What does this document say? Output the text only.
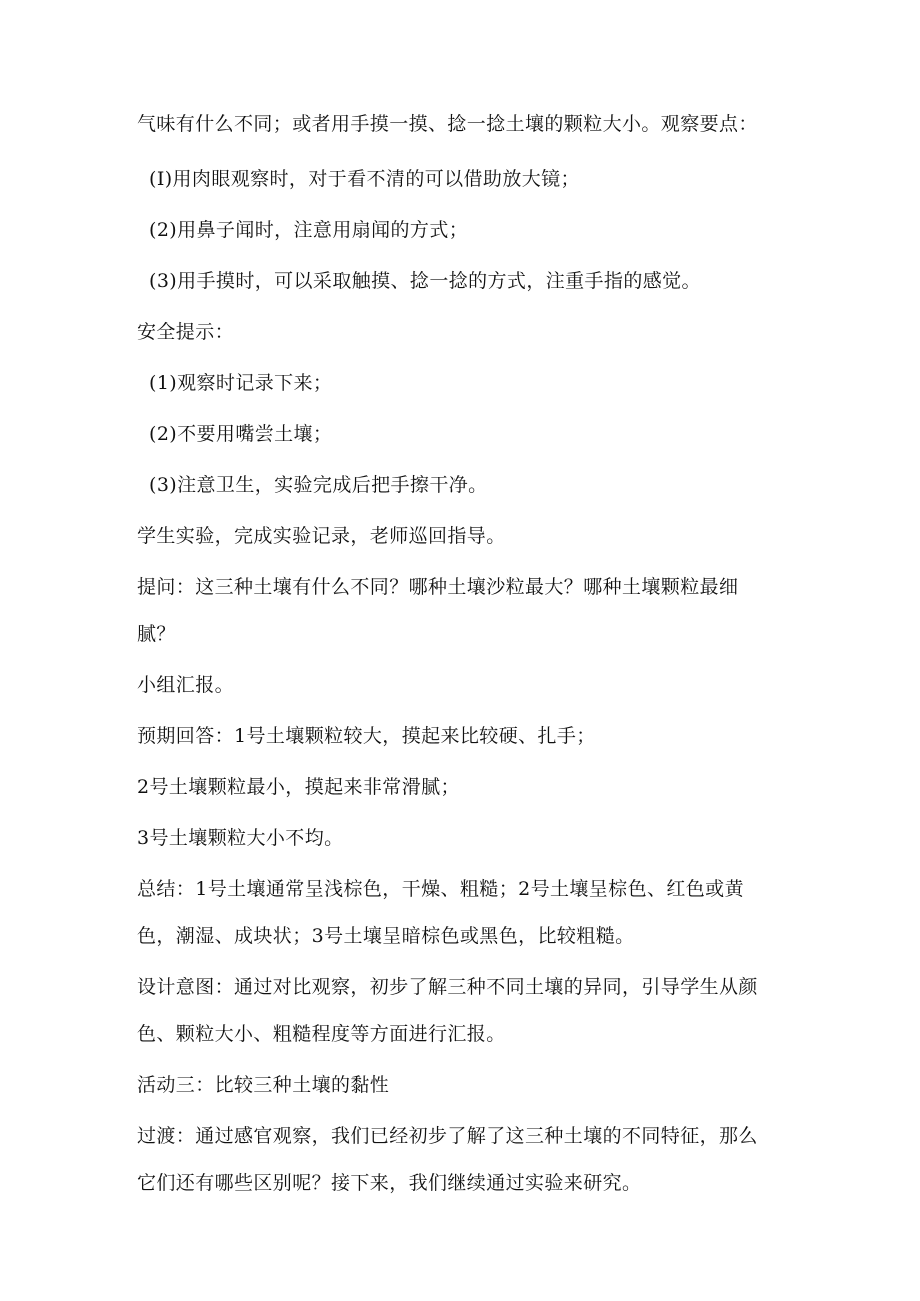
气味有什么不同；或者用手摸一摸、捻一捻土壤的颗粒大小。观察要点：

(I)用肉眼观察时，对于看不清的可以借助放大镜；

(2)用鼻子闻时，注意用扇闻的方式；

(3)用手摸时，可以采取触摸、捻一捻的方式，注重手指的感觉。

安全提示：

(1)观察时记录下来；

(2)不要用嘴尝土壤；

(3)注意卫生，实验完成后把手擦干净。

学生实验，完成实验记录，老师巡回指导。

提问：这三种土壤有什么不同？哪种土壤沙粒最大？哪种土壤颗粒最细

腻？

小组汇报。

预期回答：1号土壤颗粒较大，摸起来比较硬、扎手；

2号土壤颗粒最小，摸起来非常滑腻；

3号土壤颗粒大小不均。

总结：1号土壤通常呈浅棕色，干燥、粗糙；2号土壤呈棕色、红色或黄

色，潮湿、成块状；3号土壤呈暗棕色或黑色，比较粗糙。

设计意图：通过对比观察，初步了解三种不同土壤的异同，引导学生从颜

色、颗粒大小、粗糙程度等方面进行汇报。

活动三：比较三种土壤的黏性

过渡：通过感官观察，我们已经初步了解了这三种土壤的不同特征，那么

它们还有哪些区别呢？接下来，我们继续通过实验来研究。
